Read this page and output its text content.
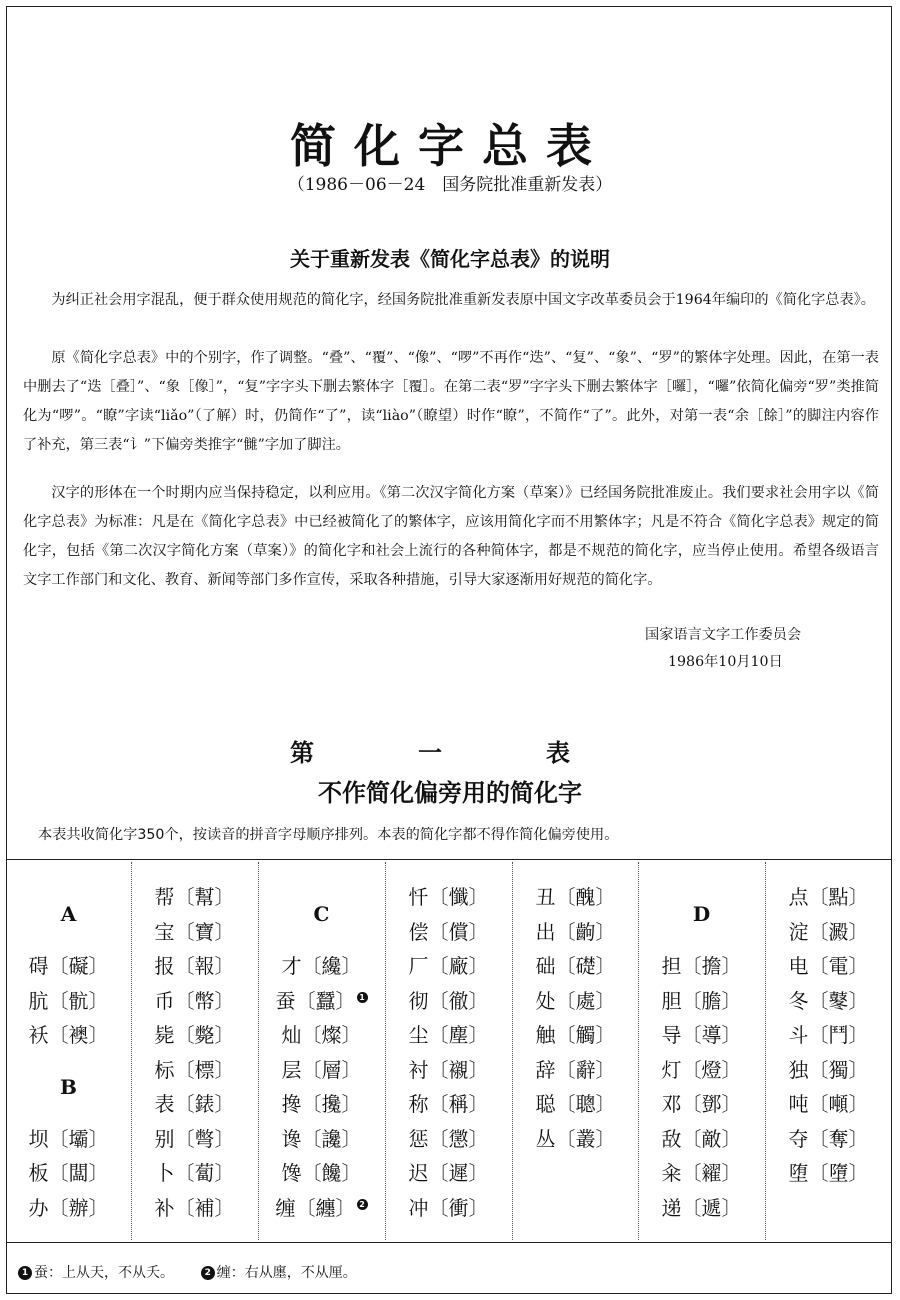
简化字总表
（1986－06－24　国务院批准重新发表）
关于重新发表《简化字总表》的说明

为纠正社会用字混乱，便于群众使用规范的简化字，经国务院批准重新发表原中国文字改革委员会于1964年编印的《简化字总表》。

原《简化字总表》中的个别字，作了调整。“叠”、“覆”、“像”、“啰”不再作“迭”、“复”、“象”、“罗”的繁体字处理。因此，在第一表中删去了“迭［叠］”、“象［像］”，“复”字字头下删去繁体字［覆］。在第二表“罗”字字头下删去繁体字［囉］，“囉”依简化偏旁“罗”类推简化为“啰”。“瞭”字读“liǎo”（了解）时，仍简作“了”，读“liào”（瞭望）时作“瞭”，不简作“了”。此外，对第一表“余［餘］”的脚注内容作了补充，第三表“讠”下偏旁类推字“雠”字加了脚注。

汉字的形体在一个时期内应当保持稳定，以利应用。《第二次汉字简化方案（草案）》已经国务院批准废止。我们要求社会用字以《简化字总表》为标准：凡是在《简化字总表》中已经被简化了的繁体字，应该用简化字而不用繁体字；凡是不符合《简化字总表》规定的简化字，包括《第二次汉字简化方案（草案）》的简化字和社会上流行的各种简体字，都是不规范的简化字，应当停止使用。希望各级语言文字工作部门和文化、教育、新闻等部门多作宣传，采取各种措施，引导大家逐渐用好规范的简化字。

国家语言文字工作委员会
1986年10月10日
第　一　表
不作简化偏旁用的简化字
本表共收简化字350个，按读音的拼音字母顺序排列。本表的简化字都不得作简化偏旁使用。
A
碍〔礙〕
肮〔骯〕
袄〔襖〕
B
坝〔壩〕
板〔闆〕
办〔辦〕
帮〔幫〕
宝〔寶〕
报〔報〕
币〔幣〕
毙〔斃〕
标〔標〕
表〔錶〕
别〔彆〕
卜〔蔔〕
补〔補〕
C
才〔纔〕
蚕〔蠶〕 1
灿〔燦〕
层〔層〕
搀〔攙〕
谗〔讒〕
馋〔饞〕
缠〔纏〕 2
忏〔懺〕
偿〔償〕
厂〔廠〕
彻〔徹〕
尘〔塵〕
衬〔襯〕
称〔稱〕
惩〔懲〕
迟〔遲〕
冲〔衝〕
丑〔醜〕
出〔齣〕
础〔礎〕
处〔處〕
触〔觸〕
辞〔辭〕
聪〔聰〕
丛〔叢〕
D
担〔擔〕
胆〔膽〕
导〔導〕
灯〔燈〕
邓〔鄧〕
敌〔敵〕
籴〔糴〕
递〔遞〕
点〔點〕
淀〔澱〕
电〔電〕
冬〔鼕〕
斗〔鬥〕
独〔獨〕
吨〔噸〕
夺〔奪〕
堕〔墮〕
1 蚕：上从天，不从夭。	2 缠：右从廛，不从厘。
